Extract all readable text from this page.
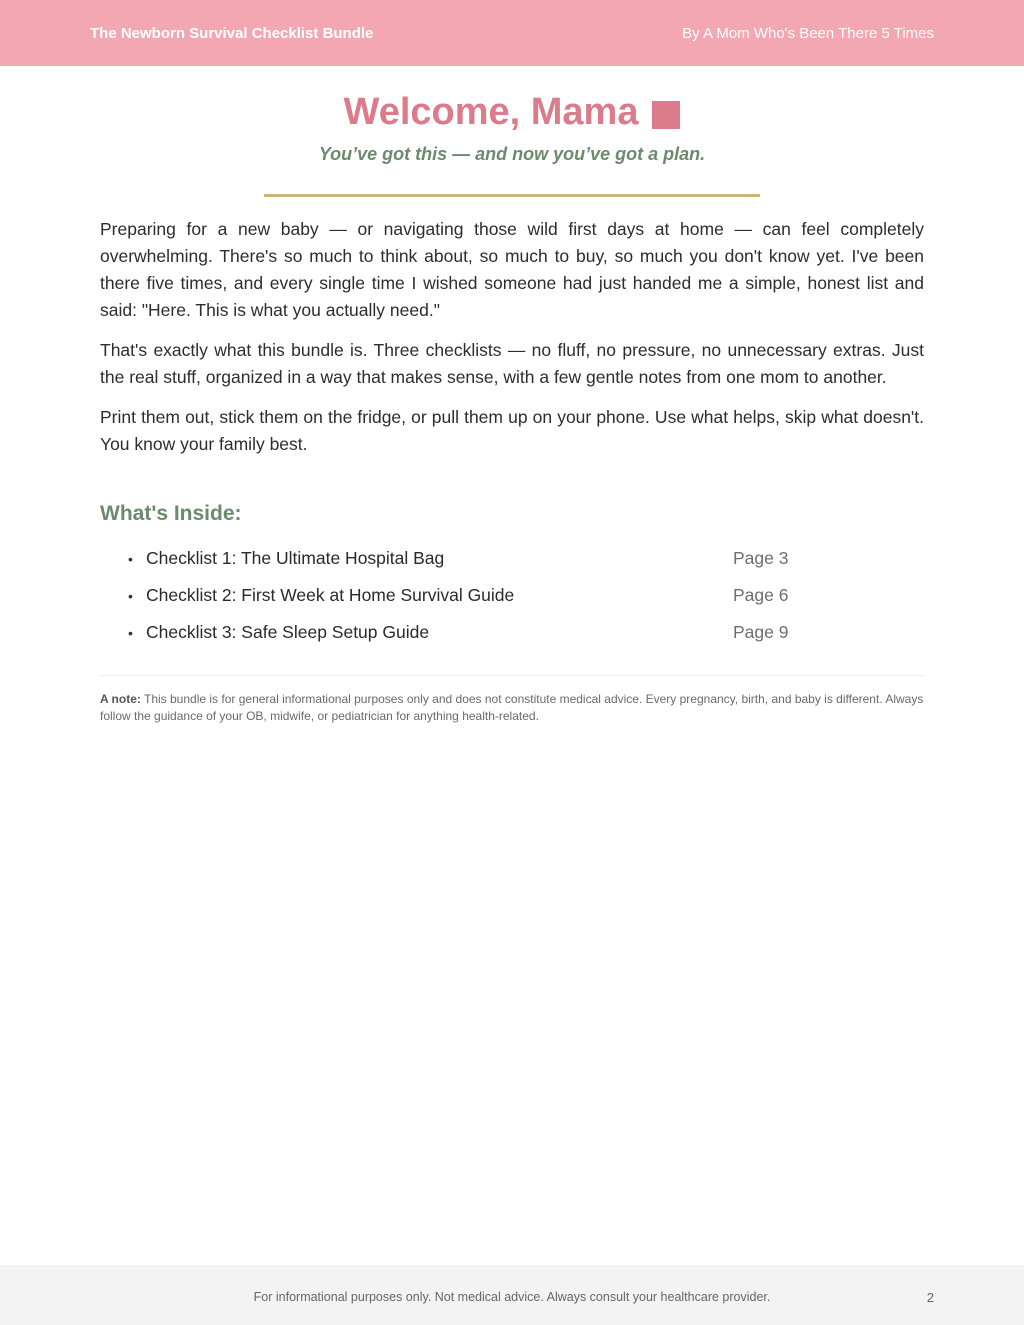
The Newborn Survival Checklist Bundle	By A Mom Who's Been There 5 Times
Welcome, Mama
You’ve got this — and now you’ve got a plan.

Preparing for a new baby — or navigating those wild first days at home — can feel completely overwhelming. There's so much to think about, so much to buy, so much you don't know yet. I've been there five times, and every single time I wished someone had just handed me a simple, honest list and said: "Here. This is what you actually need."

That's exactly what this bundle is. Three checklists — no fluff, no pressure, no unnecessary extras. Just the real stuff, organized in a way that makes sense, with a few gentle notes from one mom to another.

Print them out, stick them on the fridge, or pull them up on your phone. Use what helps, skip what doesn't. You know your family best.

What's Inside:
• Checklist 1: The Ultimate Hospital Bag	Page 3
• Checklist 2: First Week at Home Survival Guide	Page 6
• Checklist 3: Safe Sleep Setup Guide	Page 9
A note: This bundle is for general informational purposes only and does not constitute medical advice. Every pregnancy, birth, and baby is different. Always follow the guidance of your OB, midwife, or pediatrician for anything health-related.
For informational purposes only. Not medical advice. Always consult your healthcare provider.	2
